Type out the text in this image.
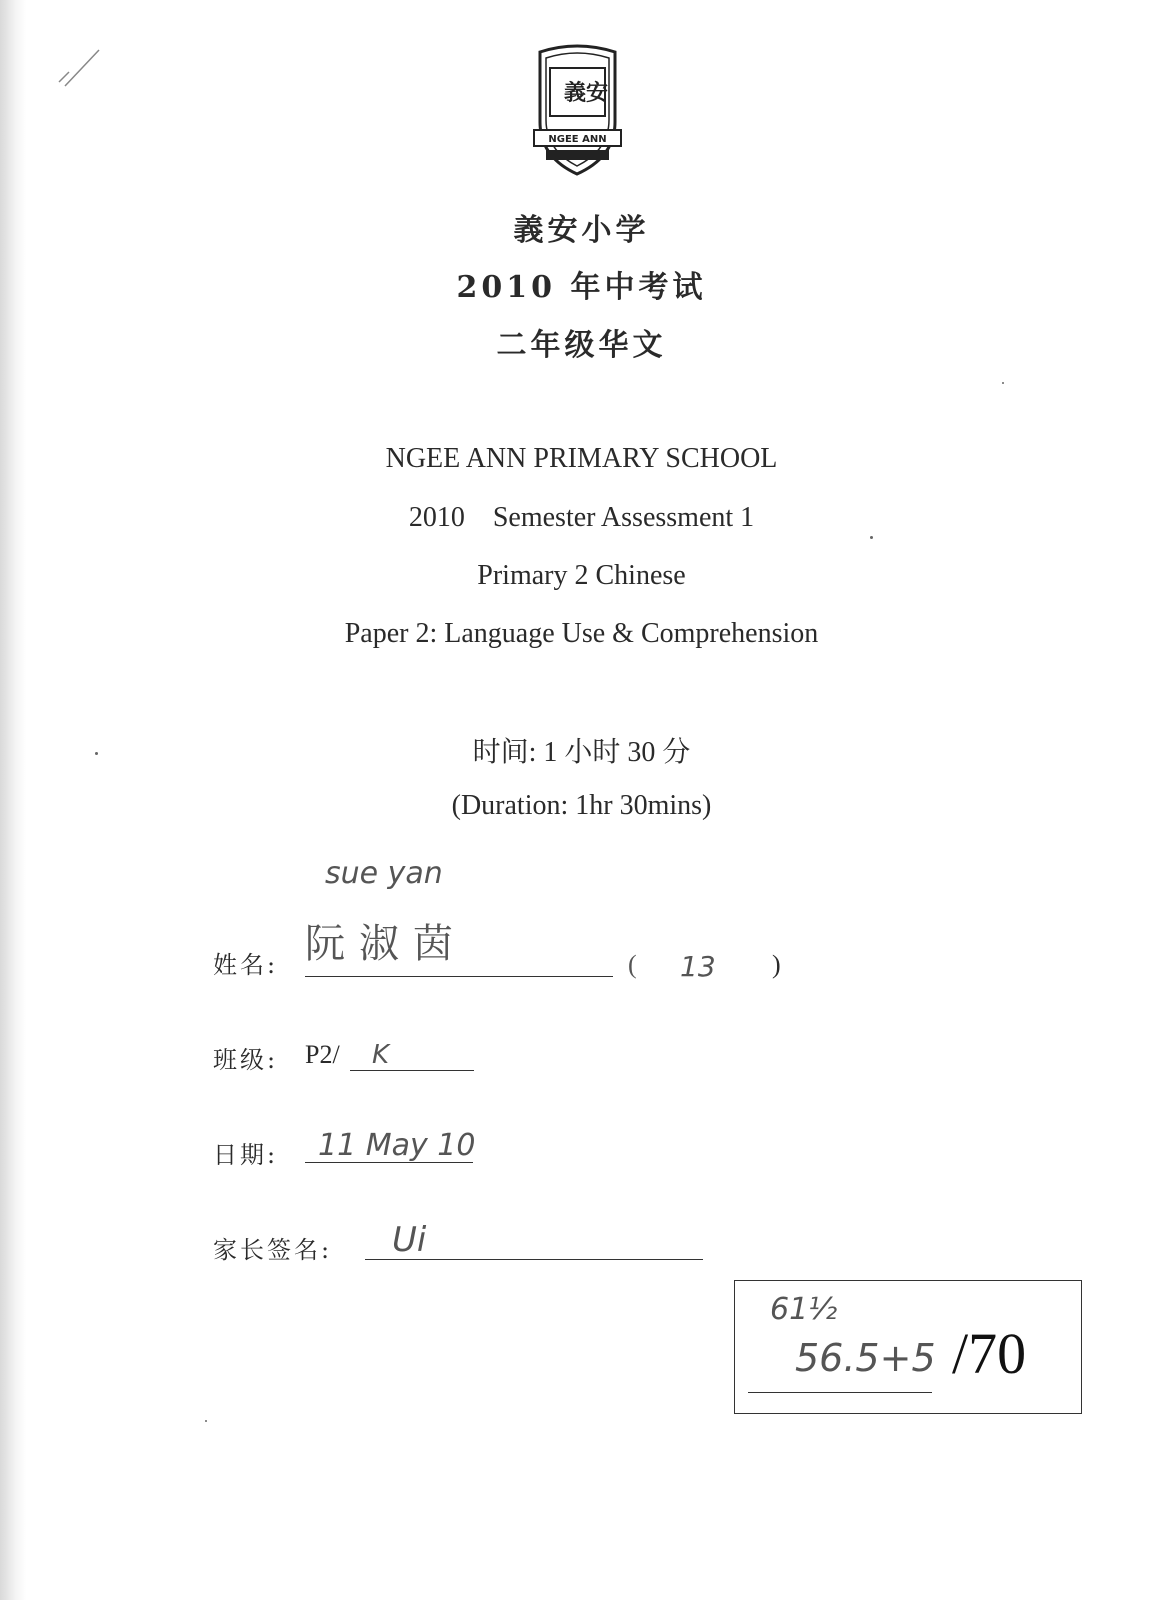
義 安
NGEE ANN
義安小学
2010 年中考试
二年级华文
NGEE ANN PRIMARY SCHOOL
2010    Semester Assessment 1
Primary 2 Chinese
Paper 2: Language Use & Comprehension
时间: 1 小时 30 分
(Duration: 1hr 30mins)
sue yan
姓名: 阮淑茵	( 13 )
班级: P2/ K
日期: 11 May 10
家长签名: Ui
61½
56.5+5 /70
